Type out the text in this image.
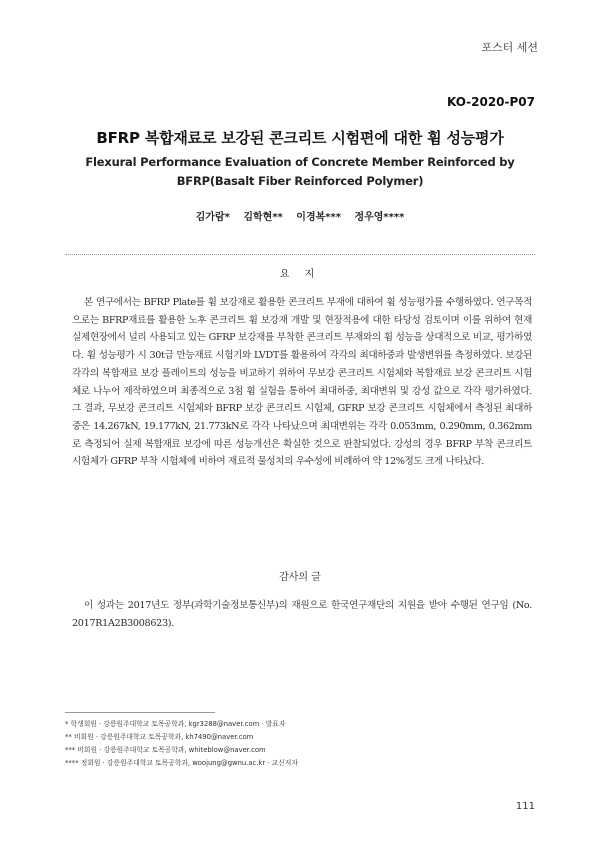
포스터 세션
KO-2020-P07
BFRP 복합재료로 보강된 콘크리트 시험편에 대한 휨 성능평가
Flexural Performance Evaluation of Concrete Member Reinforced by BFRP(Basalt Fiber Reinforced Polymer)
김가람* 김학현** 이경복*** 정우영****
요 지

본 연구에서는 BFRP Plate를 휨 보강재로 활용한 콘크리트 부재에 대하여 휨 성능평가를 수행하였다. 연구목적으로는 BFRP재료를 활용한 노후 콘크리트 휨 보강재 개발 및 현장적용에 대한 타당성 검토이며 이를 위하여 현재 실제현장에서 널리 사용되고 있는 GFRP 보강재를 부착한 콘크리트 부재와의 휨 성능을 상대적으로 비교, 평가하였다. 휨 성능평가 시 30t급 만능재료 시험기와 LVDT를 활용하여 각각의 최대하중과 발생변위를 측정하였다. 보강된 각각의 복합재료 보강 플레이트의 성능을 비교하기 위하여 무보강 콘크리트 시험체와 복합재료 보강 콘크리트 시험체로 나누어 제작하였으며 최종적으로 3점 휨 실험을 통하여 최대하중, 최대변위 및 강성 값으로 각각 평가하였다. 그 결과, 무보강 콘크리트 시험체와 BFRP 보강 콘크리트 시험체, GFRP 보강 콘크리트 시험체에서 측정된 최대하중은 14.267kN, 19.177kN, 21.773kN로 각각 나타났으며 최대변위는 각각 0.053mm, 0.290mm, 0.362mm로 측정되어 실제 복합재료 보강에 따른 성능개선은 확실한 것으로 판찰되었다. 강성의 경우 BFRP 부착 콘크리트 시험체가 GFRP 부착 시험체에 비하여 재료적 물성치의 우수성에 비례하여 약 12%정도 크게 나타났다.

감사의 글

이 성과는 2017년도 정부(과학기술정보통신부)의 재원으로 한국연구재단의 지원을 받아 수행된 연구임 (No. 2017R1A2B3008623).

* 학생회원 · 강릉원주대학교 토목공학과, kgr3288@naver.com · 발표자
** 비회원 · 강릉원주대학교 토목공학과, kh7490@naver.com
*** 비회원 · 강릉원주대학교 토목공학과, whiteblow@naver.com
**** 정회원 · 강릉원주대학교 토목공학과, woojung@gwnu.ac.kr · 교신저자
111
